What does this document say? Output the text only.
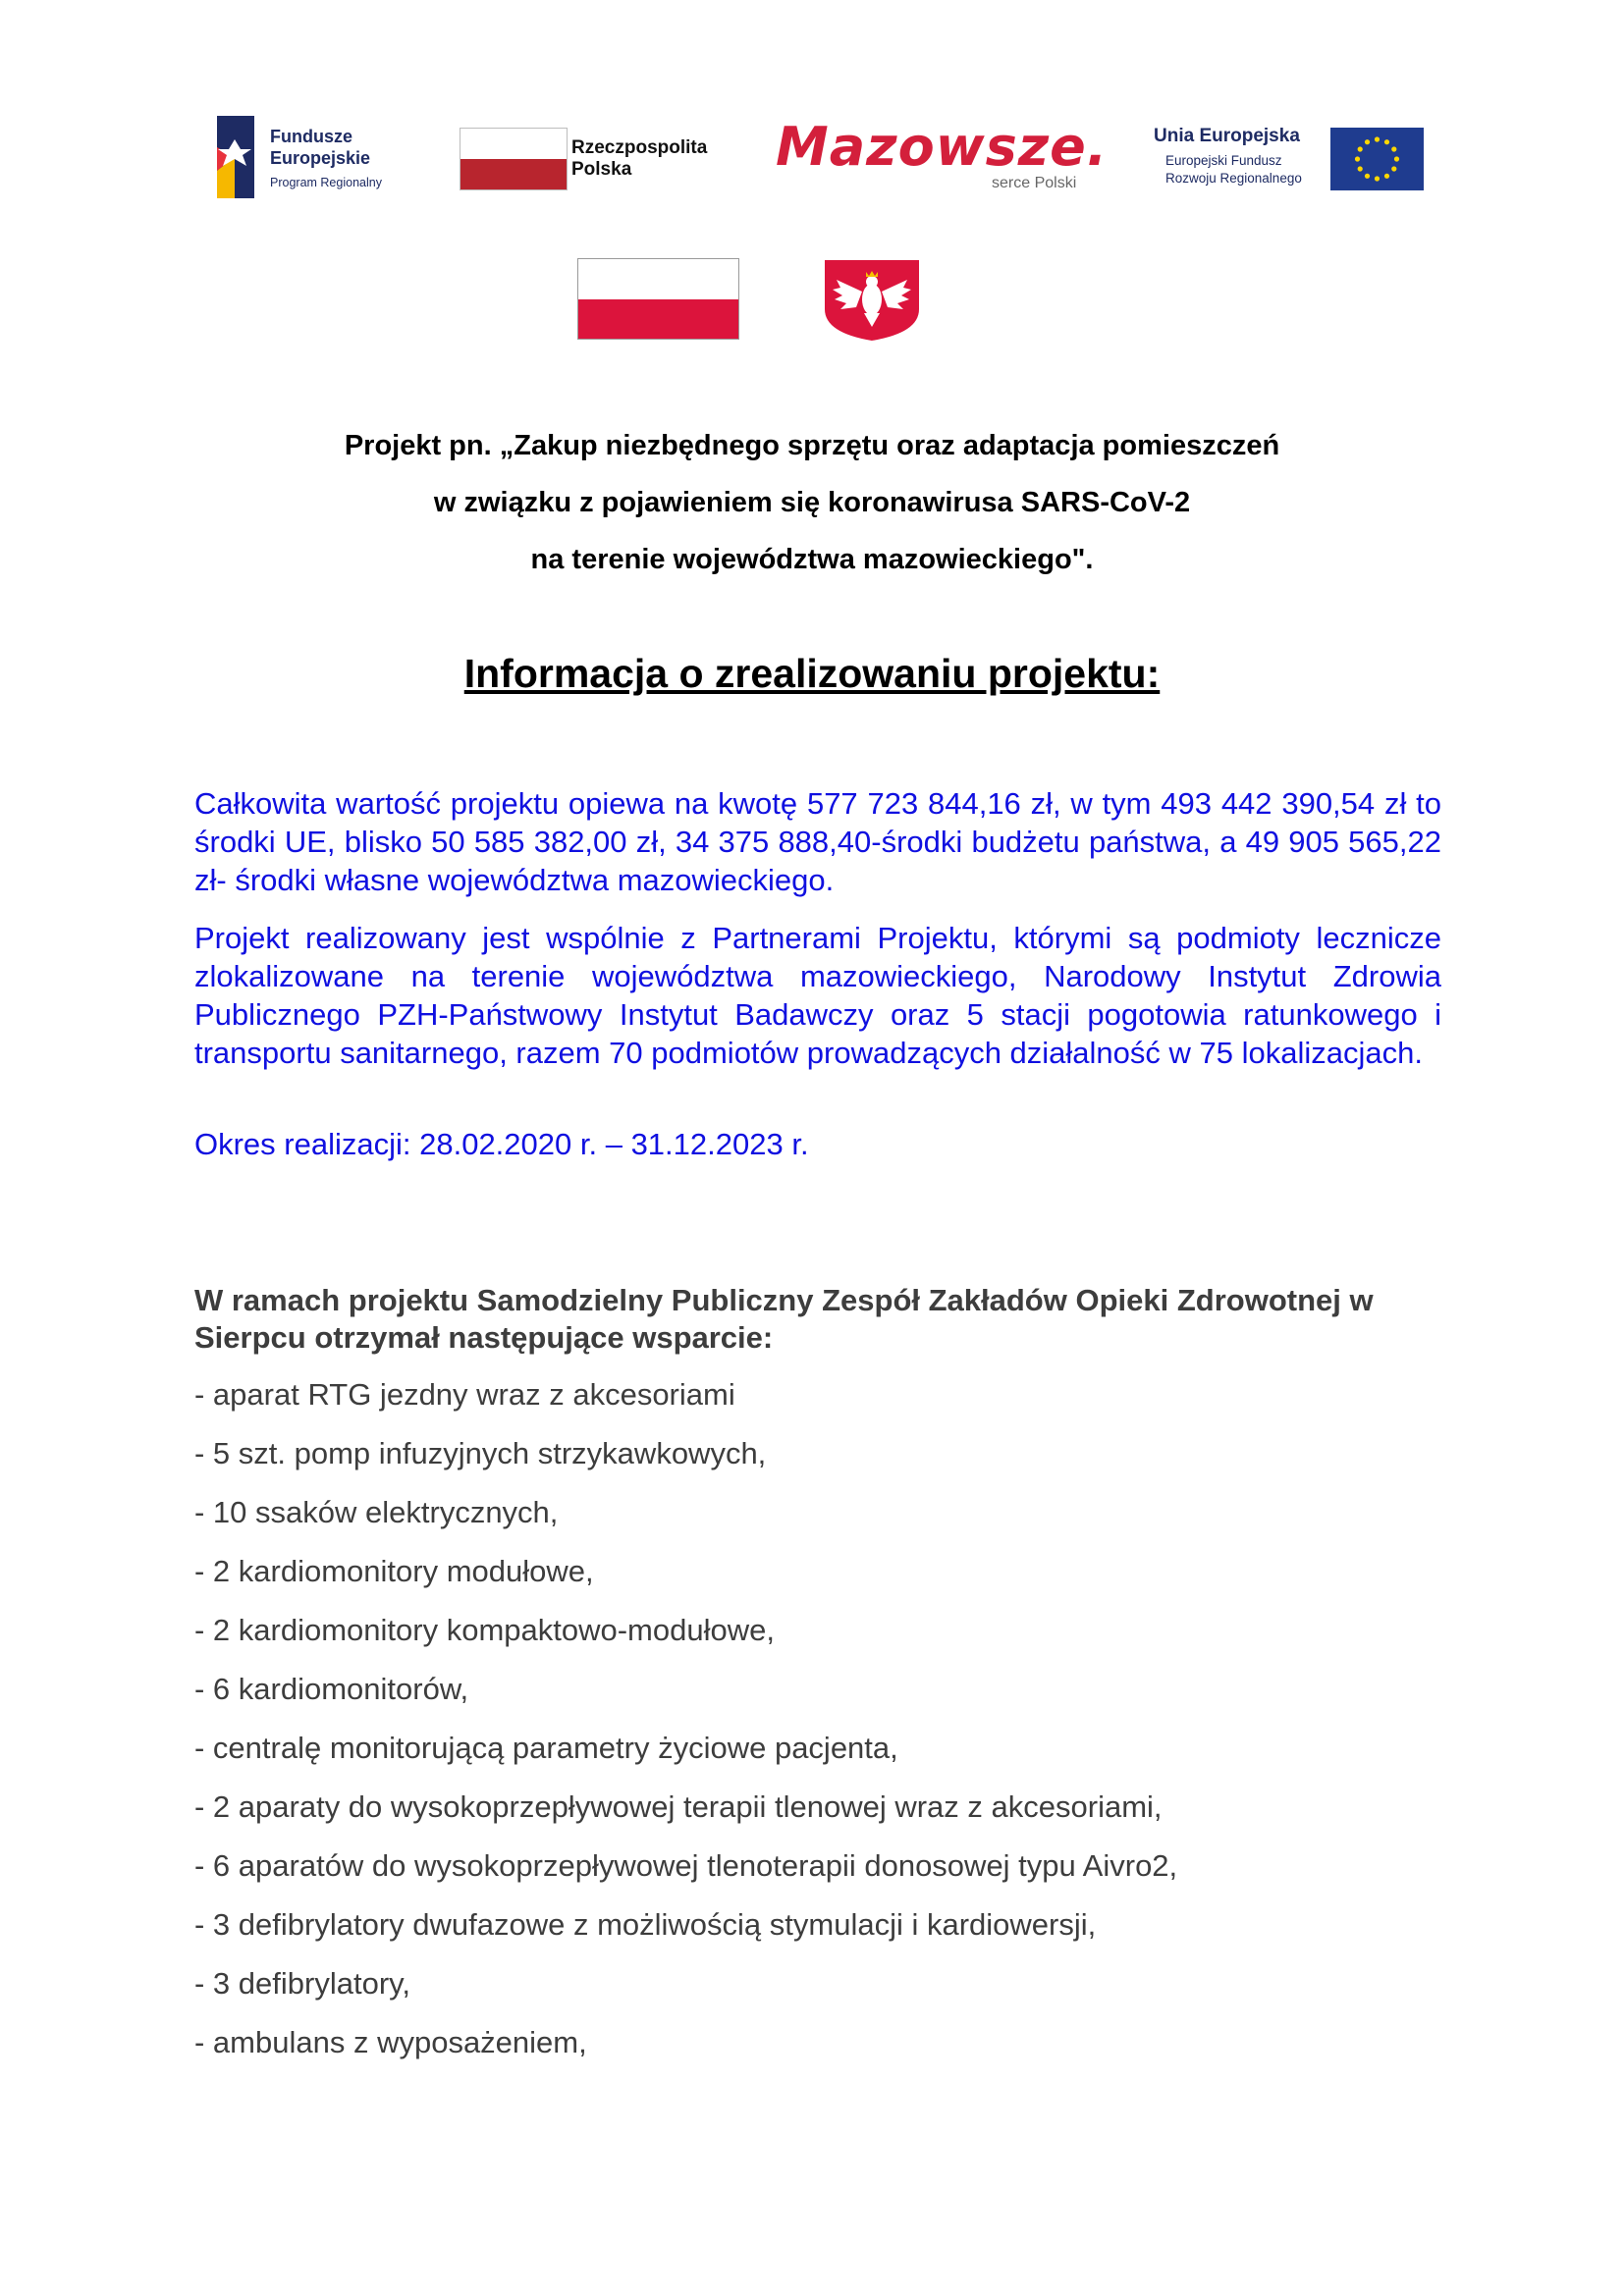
Fundusze
Europejskie
Program Regionalny
Rzeczpospolita
Polska	Mazowsze.
serce Polski
Unia Europejska
Europejski Fundusz
Rozwoju Regionalnego
Projekt pn. „Zakup niezbędnego sprzętu oraz adaptacja pomieszczeń
w związku z pojawieniem się koronawirusa SARS-CoV-2
na terenie województwa mazowieckiego".
Informacja o zrealizowaniu projektu:
Całkowita wartość projektu opiewa na kwotę 577 723 844,16 zł, w tym 493 442 390,54 zł to środki UE, blisko 50 585 382,00 zł, 34 375 888,40-środki budżetu państwa, a 49 905 565,22 zł- środki własne województwa mazowieckiego.
Projekt realizowany jest wspólnie z Partnerami Projektu, którymi są podmioty lecznicze zlokalizowane na terenie województwa mazowieckiego, Narodowy Instytut Zdrowia Publicznego PZH-Państwowy Instytut Badawczy oraz 5 stacji pogotowia ratunkowego i transportu sanitarnego, razem 70 podmiotów prowadzących działalność w 75 lokalizacjach.
Okres realizacji: 28.02.2020 r. – 31.12.2023 r.
W ramach projektu Samodzielny Publiczny Zespół Zakładów Opieki Zdrowotnej w Sierpcu otrzymał następujące wsparcie:
- aparat RTG jezdny wraz z akcesoriami
- 5 szt. pomp infuzyjnych strzykawkowych,
- 10 ssaków elektrycznych,
- 2 kardiomonitory modułowe,
- 2 kardiomonitory kompaktowo-modułowe,
- 6 kardiomonitorów,
- centralę monitorującą parametry życiowe pacjenta,
- 2 aparaty do wysokoprzepływowej terapii tlenowej wraz z akcesoriami,
- 6 aparatów do wysokoprzepływowej tlenoterapii donosowej typu Aivro2,
- 3 defibrylatory dwufazowe z możliwością stymulacji i kardiowersji,
- 3 defibrylatory,
- ambulans z wyposażeniem,
